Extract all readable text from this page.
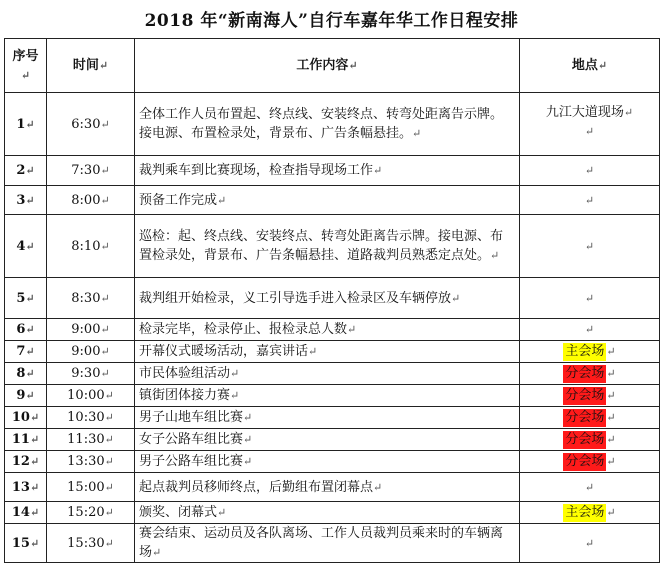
2018 年“新南海人”自行车嘉年华工作日程安排
序号↵	时间↵	工作内容↵	地点↵
1↵	6:30↵	全体工作人员布置起、终点线、安装终点、转弯处距离告示牌。接电源、布置检录处，背景布、广告条幅悬挂。↵	九江大道现场↵
↵

2↵	7:30↵	裁判乘车到比赛现场，检查指导现场工作↵	↵
3↵	8:00↵	预备工作完成↵	↵
4↵	8:10↵	巡检：起、终点线、安装终点、转弯处距离告示牌。接电源、布置检录处，背景布、广告条幅悬挂、道路裁判员熟悉定点处。↵	↵
5↵	8:30↵	裁判组开始检录，义工引导选手进入检录区及车辆停放↵	↵
6↵	9:00↵	检录完毕，检录停止、报检录总人数↵	↵
7↵	9:00↵	开幕仪式暖场活动，嘉宾讲话↵	主会场 ↵
8↵	9:30↵	市民体验组活动↵	分会场 ↵
9↵	10:00↵	镇街团体接力赛↵	分会场 ↵
10↵	10:30↵	男子山地车组比赛↵	分会场 ↵
11↵	11:30↵	女子公路车组比赛↵	分会场 ↵
12↵	13:30↵	男子公路车组比赛↵	分会场 ↵
13↵	15:00↵	起点裁判员移师终点，后勤组布置闭幕点↵	↵
14↵	15:20↵	颁奖、闭幕式↵	主会场 ↵
15↵	15:30↵	赛会结束、运动员及各队离场、工作人员裁判员乘来时的车辆离场↵	↵
